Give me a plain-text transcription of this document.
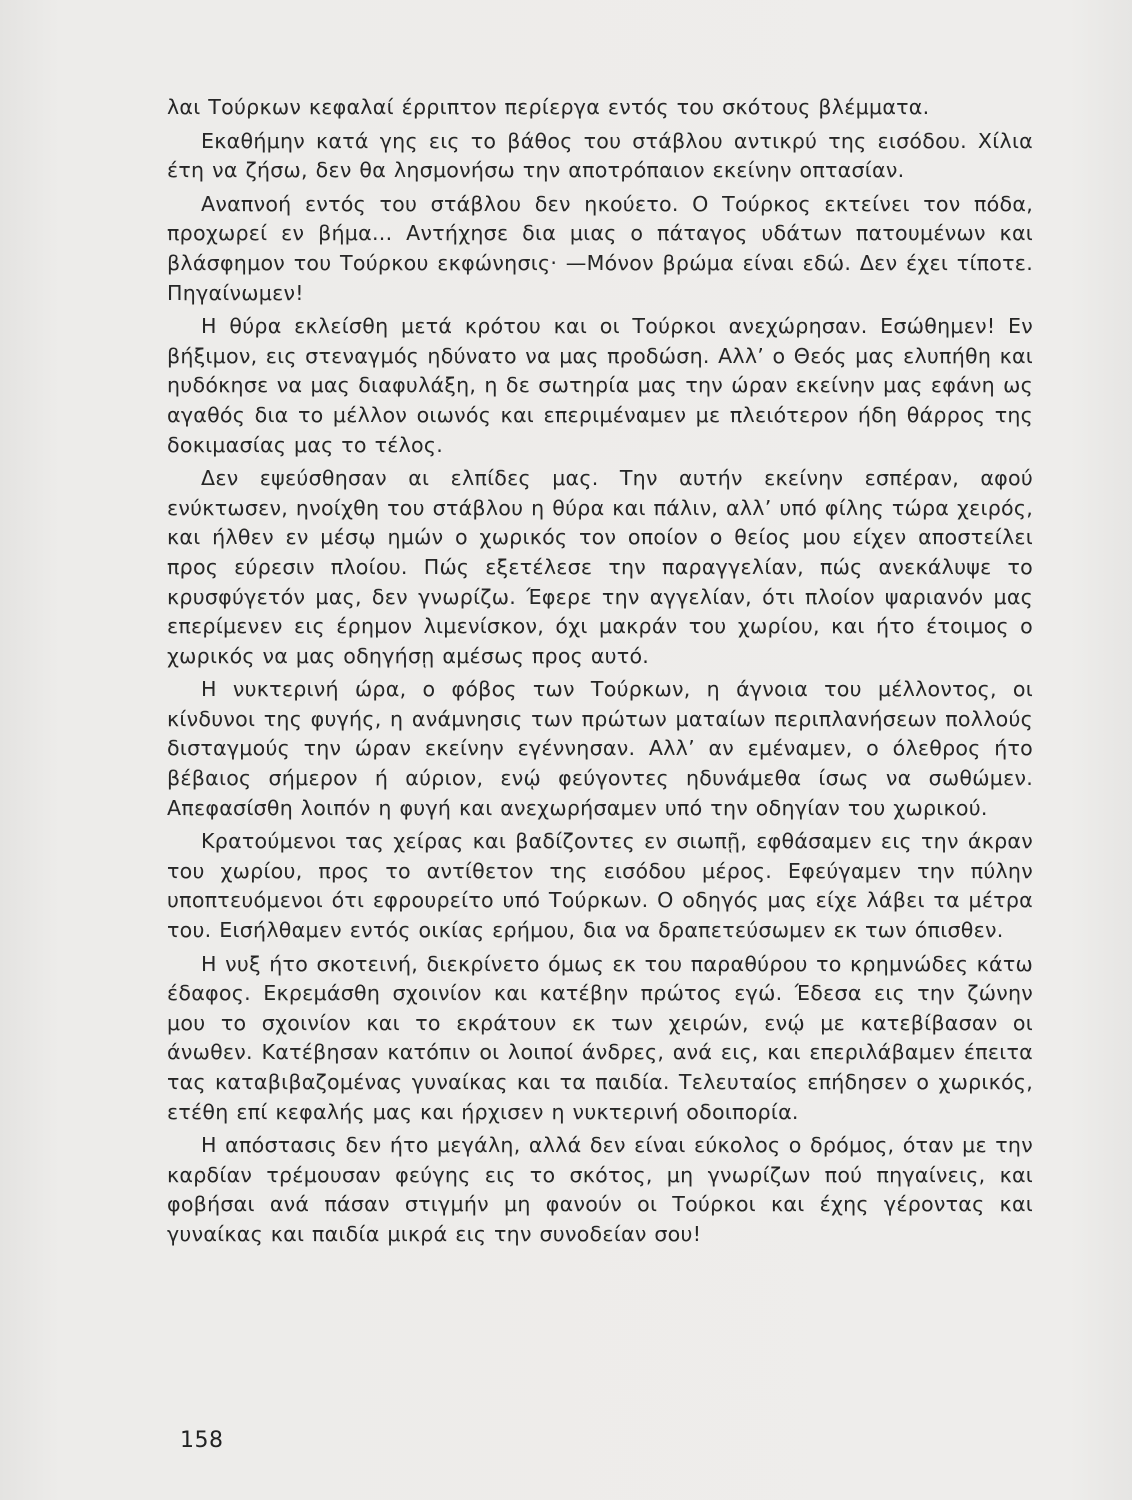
λαι Τούρκων κεφαλαί έρριπτον περίεργα εντός του σκότους βλέμματα.

Εκαθήμην κατά γης εις το βάθος του στάβλου αντικρύ της εισόδου. Χίλια έτη να ζήσω, δεν θα λησμονήσω την αποτρόπαιον εκείνην οπτασίαν.

Αναπνοή εντός του στάβλου δεν ηκούετο. Ο Τούρκος εκτείνει τον πόδα, προχωρεί εν βήμα... Αντήχησε δια μιας ο πάταγος υδάτων πατουμένων και βλάσφημον του Τούρκου εκφώνησις· —Μόνον βρώμα είναι εδώ. Δεν έχει τίποτε. Πηγαίνωμεν!

Η θύρα εκλείσθη μετά κρότου και οι Τούρκοι ανεχώρησαν. Εσώθημεν! Εν βήξιμον, εις στεναγμός ηδύνατο να μας προδώση. Αλλ’ ο Θεός μας ελυπήθη και ηυδόκησε να μας διαφυλάξη, η δε σωτηρία μας την ώραν εκείνην μας εφάνη ως αγαθός δια το μέλλον οιωνός και επεριμέναμεν με πλειότερον ήδη θάρρος της δοκιμασίας μας το τέλος.

Δεν εψεύσθησαν αι ελπίδες μας. Την αυτήν εκείνην εσπέραν, αφού ενύκτωσεν, ηνοίχθη του στάβλου η θύρα και πάλιν, αλλ’ υπό φίλης τώρα χειρός, και ήλθεν εν μέσῳ ημών ο χωρικός τον οποίον ο θείος μου είχεν αποστείλει προς εύρεσιν πλοίου. Πώς εξετέλεσε την παραγγελίαν, πώς ανεκάλυψε το κρυσφύγετόν μας, δεν γνωρίζω. Έφερε την αγγελίαν, ότι πλοίον ψαριανόν μας επερίμενεν εις έρημον λιμενίσκον, όχι μακράν του χωρίου, και ήτο έτοιμος ο χωρικός να μας οδηγήσῃ αμέσως προς αυτό.

Η νυκτερινή ώρα, ο φόβος των Τούρκων, η άγνοια του μέλλοντος, οι κίνδυνοι της φυγής, η ανάμνησις των πρώτων ματαίων περιπλανήσεων πολλούς δισταγμούς την ώραν εκείνην εγέννησαν. Αλλ’ αν εμέναμεν, ο όλεθρος ήτο βέβαιος σήμερον ή αύριον, ενῴ φεύγοντες ηδυνάμεθα ίσως να σωθώμεν. Απεφασίσθη λοιπόν η φυγή και ανεχωρήσαμεν υπό την οδηγίαν του χωρικού.

Κρατούμενοι τας χείρας και βαδίζοντες εν σιωπῇ, εφθάσαμεν εις την άκραν του χωρίου, προς το αντίθετον της εισόδου μέρος. Εφεύγαμεν την πύλην υποπτευόμενοι ότι εφρουρείτο υπό Τούρκων. Ο οδηγός μας είχε λάβει τα μέτρα του. Εισήλθαμεν εντός οικίας ερήμου, δια να δραπετεύσωμεν εκ των όπισθεν.

Η νυξ ήτο σκοτεινή, διεκρίνετο όμως εκ του παραθύρου το κρημνώδες κάτω έδαφος. Εκρεμάσθη σχοινίον και κατέβην πρώτος εγώ. Έδεσα εις την ζώνην μου το σχοινίον και το εκράτουν εκ των χειρών, ενῴ με κατεβίβασαν οι άνωθεν. Κατέβησαν κατόπιν οι λοιποί άνδρες, ανά εις, και επεριλάβαμεν έπειτα τας καταβιβαζομένας γυναίκας και τα παιδία. Τελευταίος επήδησεν ο χωρικός, ετέθη επί κεφαλής μας και ήρχισεν η νυκτερινή οδοιπορία.

Η απόστασις δεν ήτο μεγάλη, αλλά δεν είναι εύκολος ο δρόμος, όταν με την καρδίαν τρέμουσαν φεύγης εις το σκότος, μη γνωρίζων πού πηγαίνεις, και φοβήσαι ανά πάσαν στιγμήν μη φανούν οι Τούρκοι και έχης γέροντας και γυναίκας και παιδία μικρά εις την συνοδείαν σου!

158
